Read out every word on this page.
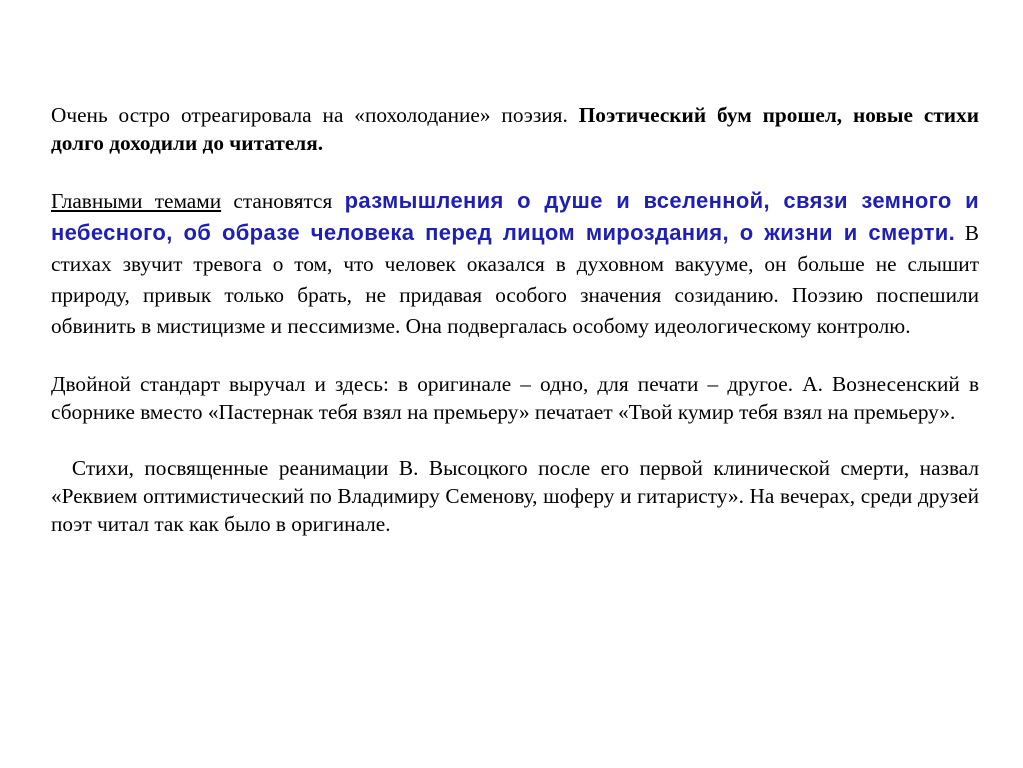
Очень остро отреагировала на «похолодание» поэзия. Поэтический бум прошел, новые стихи долго доходили до читателя.

Главными темами становятся размышления о душе и вселенной, связи земного и небесного, об образе человека перед лицом мироздания, о жизни и смерти. В стихах звучит тревога о том, что человек оказался в духовном вакууме, он больше не слышит природу, привык только брать, не придавая особого значения созиданию. Поэзию поспешили обвинить в мистицизме и пессимизме. Она подвергалась особому идеологическому контролю.

Двойной стандарт выручал и здесь: в оригинале – одно, для печати – другое. А. Вознесенский в сборнике вместо «Пастернак тебя взял на премьеру» печатает «Твой кумир тебя взял на премьеру».

Стихи, посвященные реанимации В. Высоцкого после его первой клинической смерти, назвал «Реквием оптимистический по Владимиру Семенову, шоферу и гитаристу». На вечерах, среди друзей поэт читал так как было в оригинале.
